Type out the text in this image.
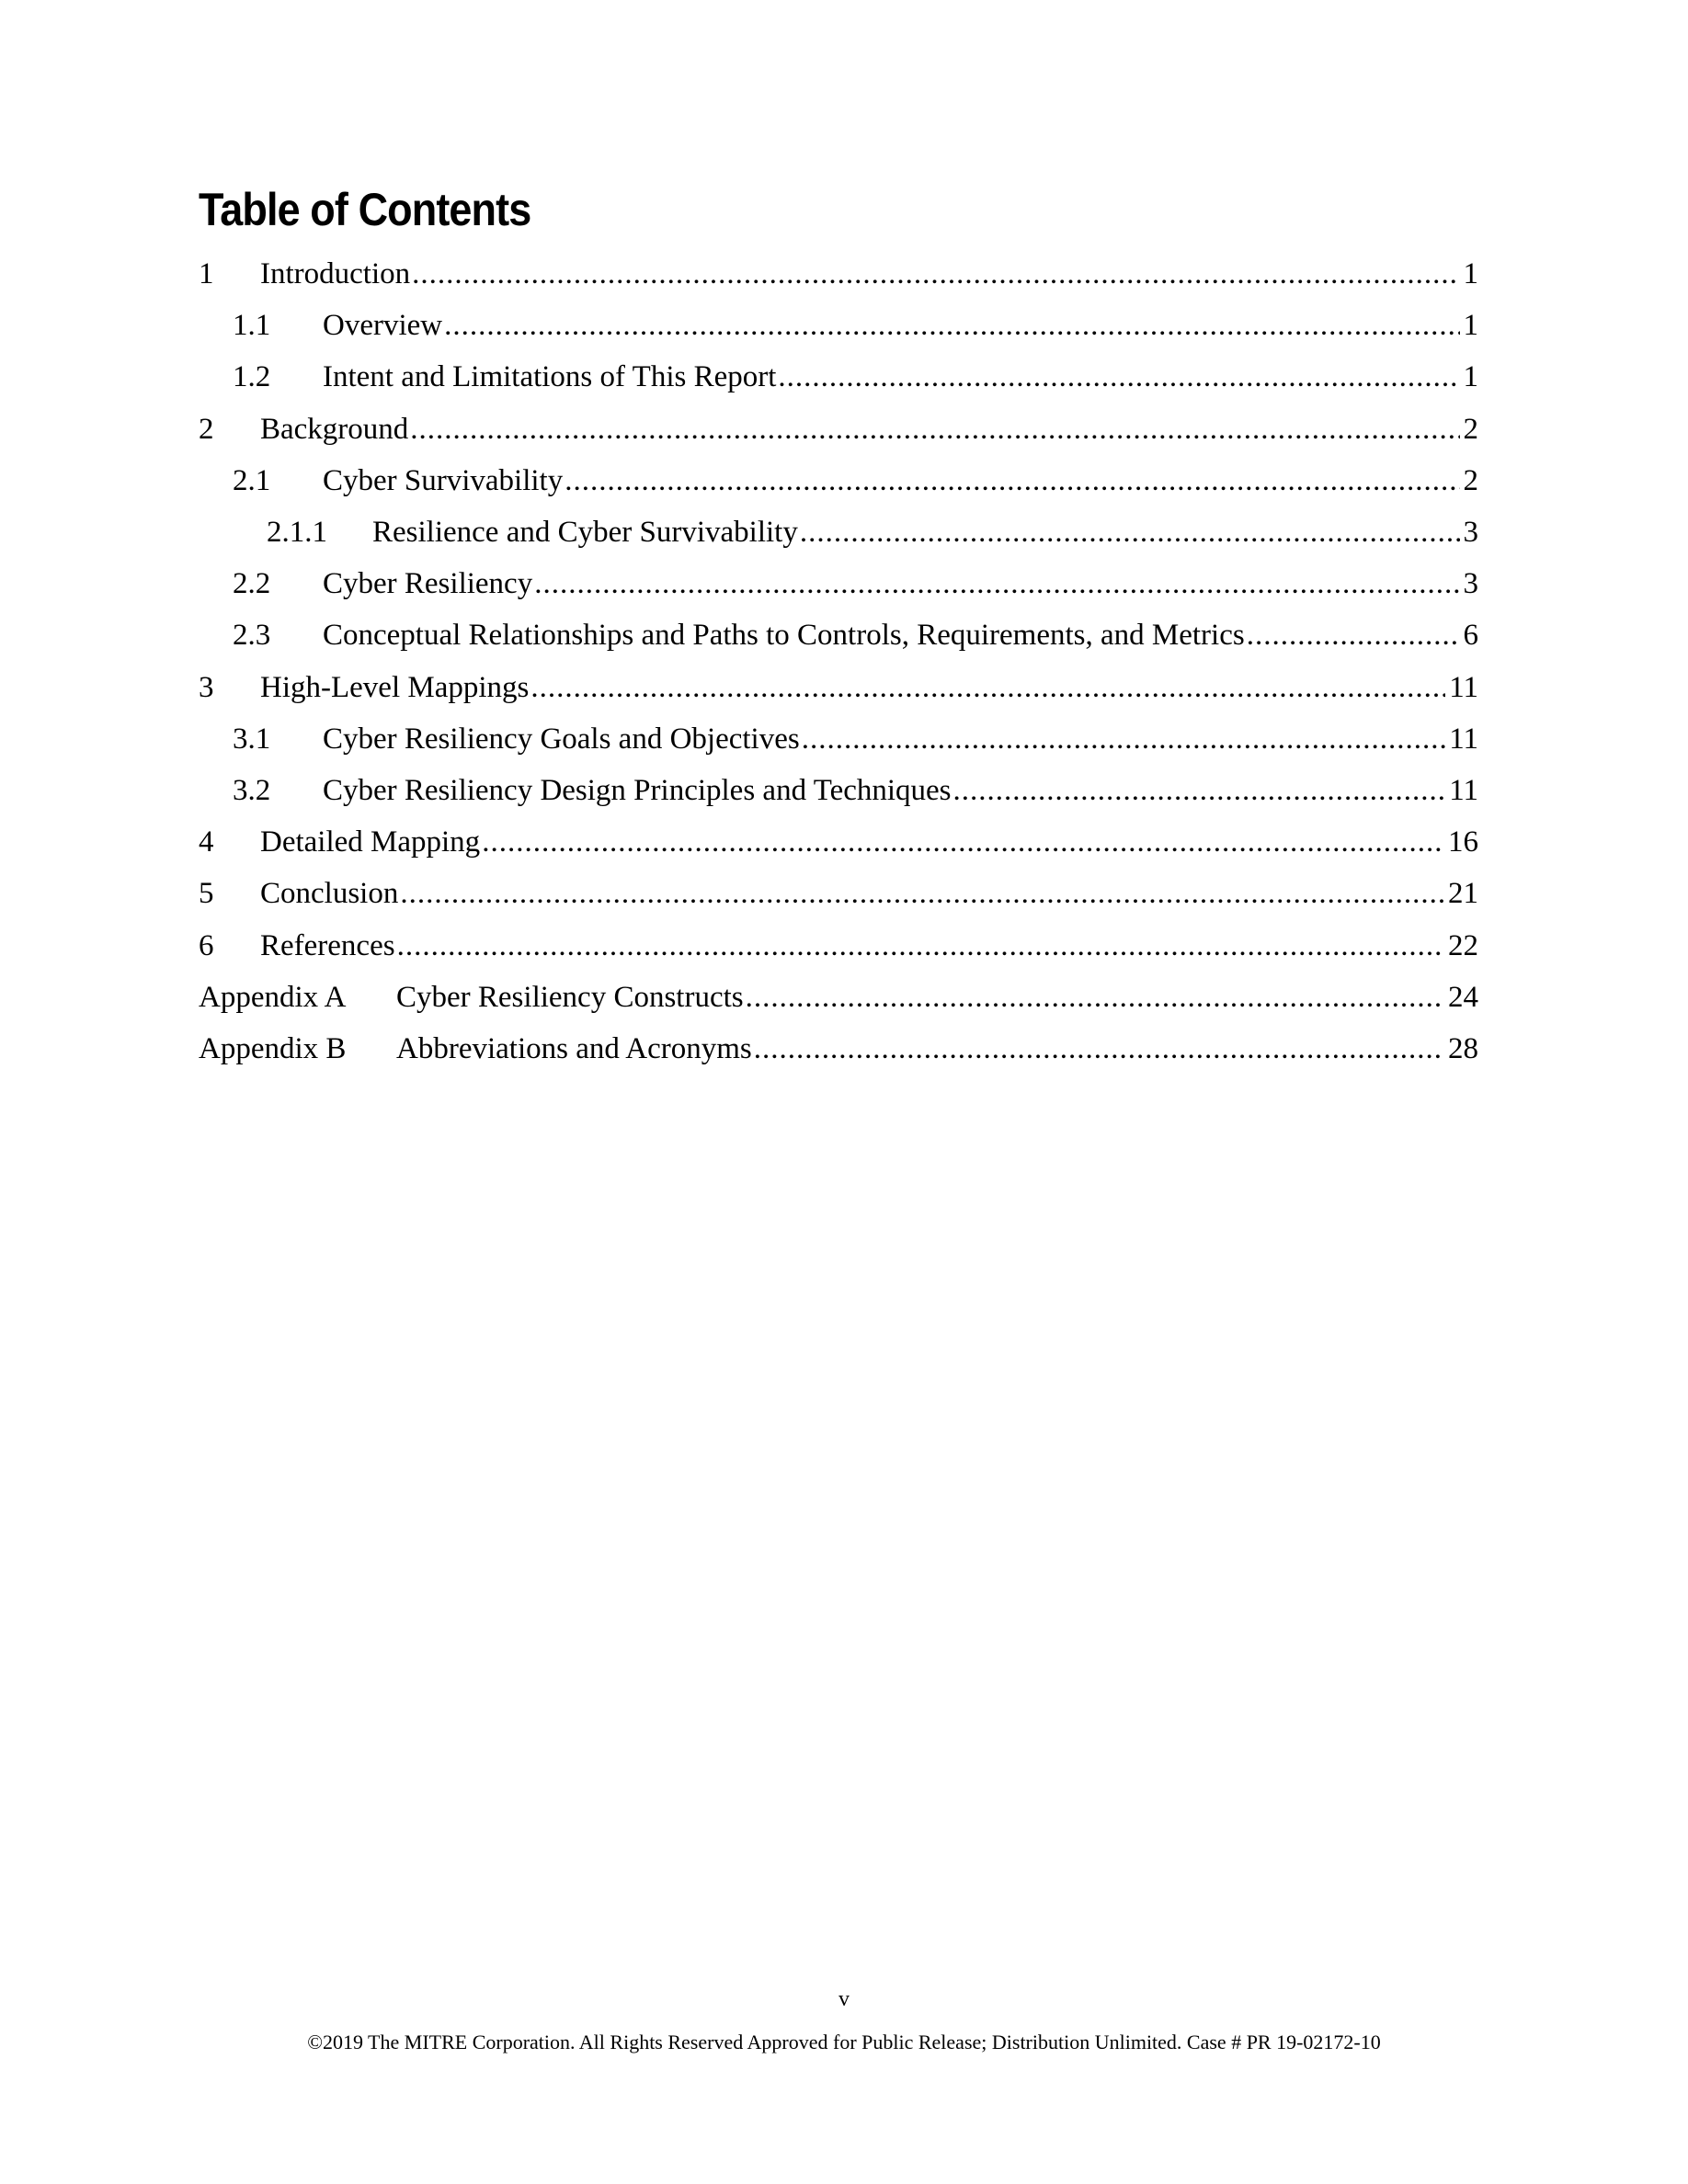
Table of Contents
1	Introduction .....	1
1.1	Overview .....	1
1.2	Intent and Limitations of This Report .....	1
2	Background .....	2
2.1	Cyber Survivability .....	2
2.1.1	Resilience and Cyber Survivability .....	3
2.2	Cyber Resiliency .....	3
2.3	Conceptual Relationships and Paths to Controls, Requirements, and Metrics .....	6
3	High-Level Mappings .....	11
3.1	Cyber Resiliency Goals and Objectives .....	11
3.2	Cyber Resiliency Design Principles and Techniques .....	11
4	Detailed Mapping .....	16
5	Conclusion .....	21
6	References .....	22
Appendix A	Cyber Resiliency Constructs .....	24
Appendix B	Abbreviations and Acronyms .....	28
v
©2019 The MITRE Corporation. All Rights Reserved Approved for Public Release; Distribution Unlimited. Case # PR 19-02172-10
